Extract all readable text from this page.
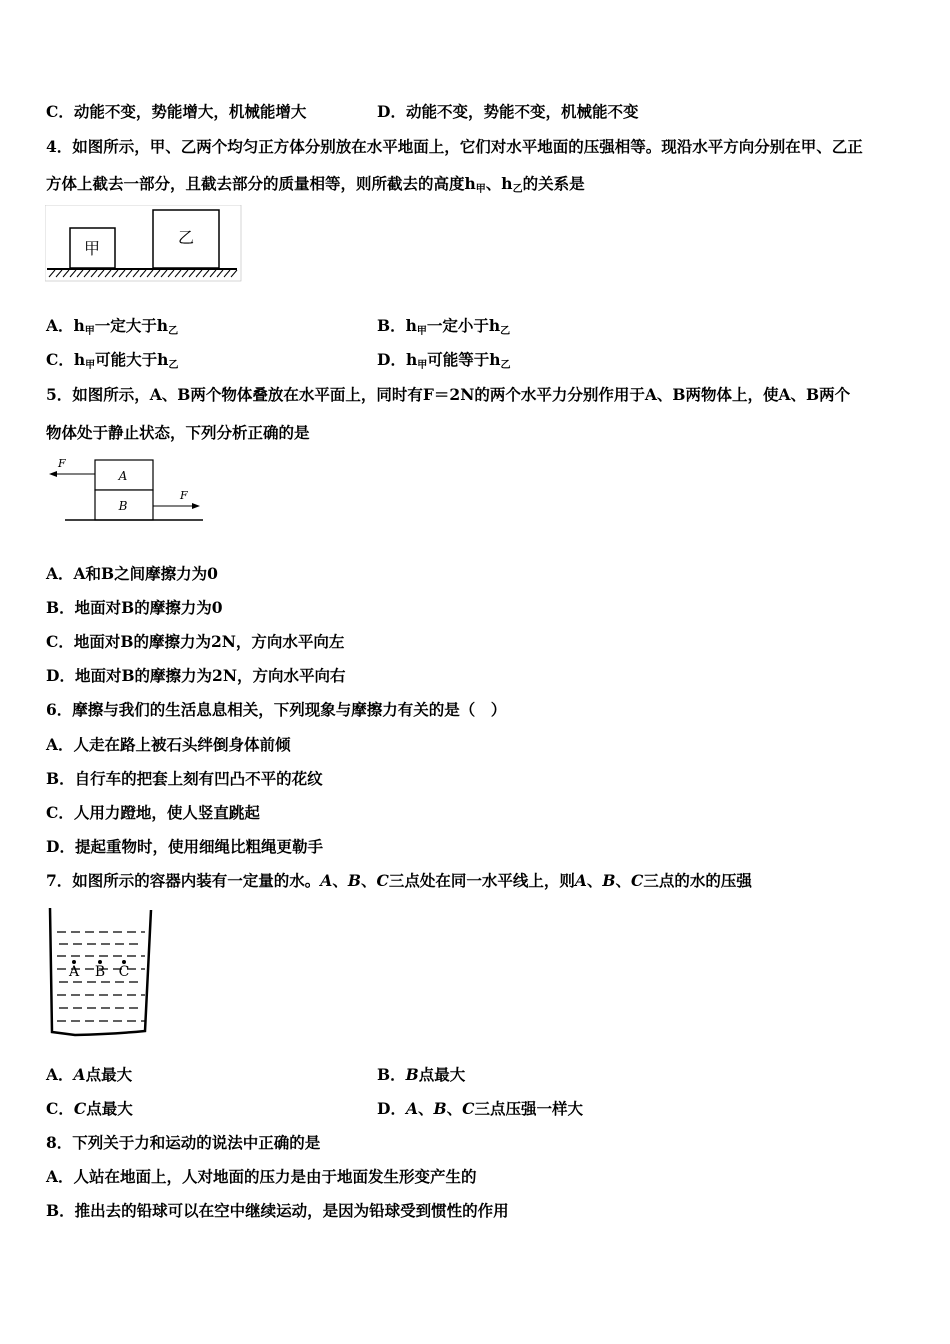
C．动能不变，势能增大，机械能增大	D．动能不变，势能不变，机械能不变
4．如图所示，甲、乙两个均匀正方体分别放在水平地面上，它们对水平地面的压强相等。现沿水平方向分别在甲、乙正
方体上截去一部分，且截去部分的质量相等，则所截去的高度$h_甲$、$h_乙$的关系是
甲
乙
A．$h_甲$一定大于$h_乙$	B．$h_甲$一定小于$h_乙$
C．$h_甲$可能大于$h_乙$	D．$h_甲$可能等于$h_乙$
5．如图所示，A、B两个物体叠放在水平面上，同时有F＝2N的两个水平力分别作用于A、B两物体上，使A、B两个
物体处于静止状态，下列分析正确的是
A
B
F
F
A．A和B之间摩擦力为0
B．地面对B的摩擦力为0
C．地面对B的摩擦力为2N，方向水平向左
D．地面对B的摩擦力为2N，方向水平向右
6．摩擦与我们的生活息息相关，下列现象与摩擦力有关的是（　）
A．人走在路上被石头绊倒身体前倾
B．自行车的把套上刻有凹凸不平的花纹
C．人用力蹬地，使人竖直跳起
D．提起重物时，使用细绳比粗绳更勒手
7．如图所示的容器内装有一定量的水。A、B、C三点处在同一水平线上，则A、B、C三点的水的压强
A B C
A．A点最大	B．B点最大
C．C点最大	D．A、B、C三点压强一样大
8．下列关于力和运动的说法中正确的是
A．人站在地面上，人对地面的压力是由于地面发生形变产生的
B．推出去的铅球可以在空中继续运动，是因为铅球受到惯性的作用
